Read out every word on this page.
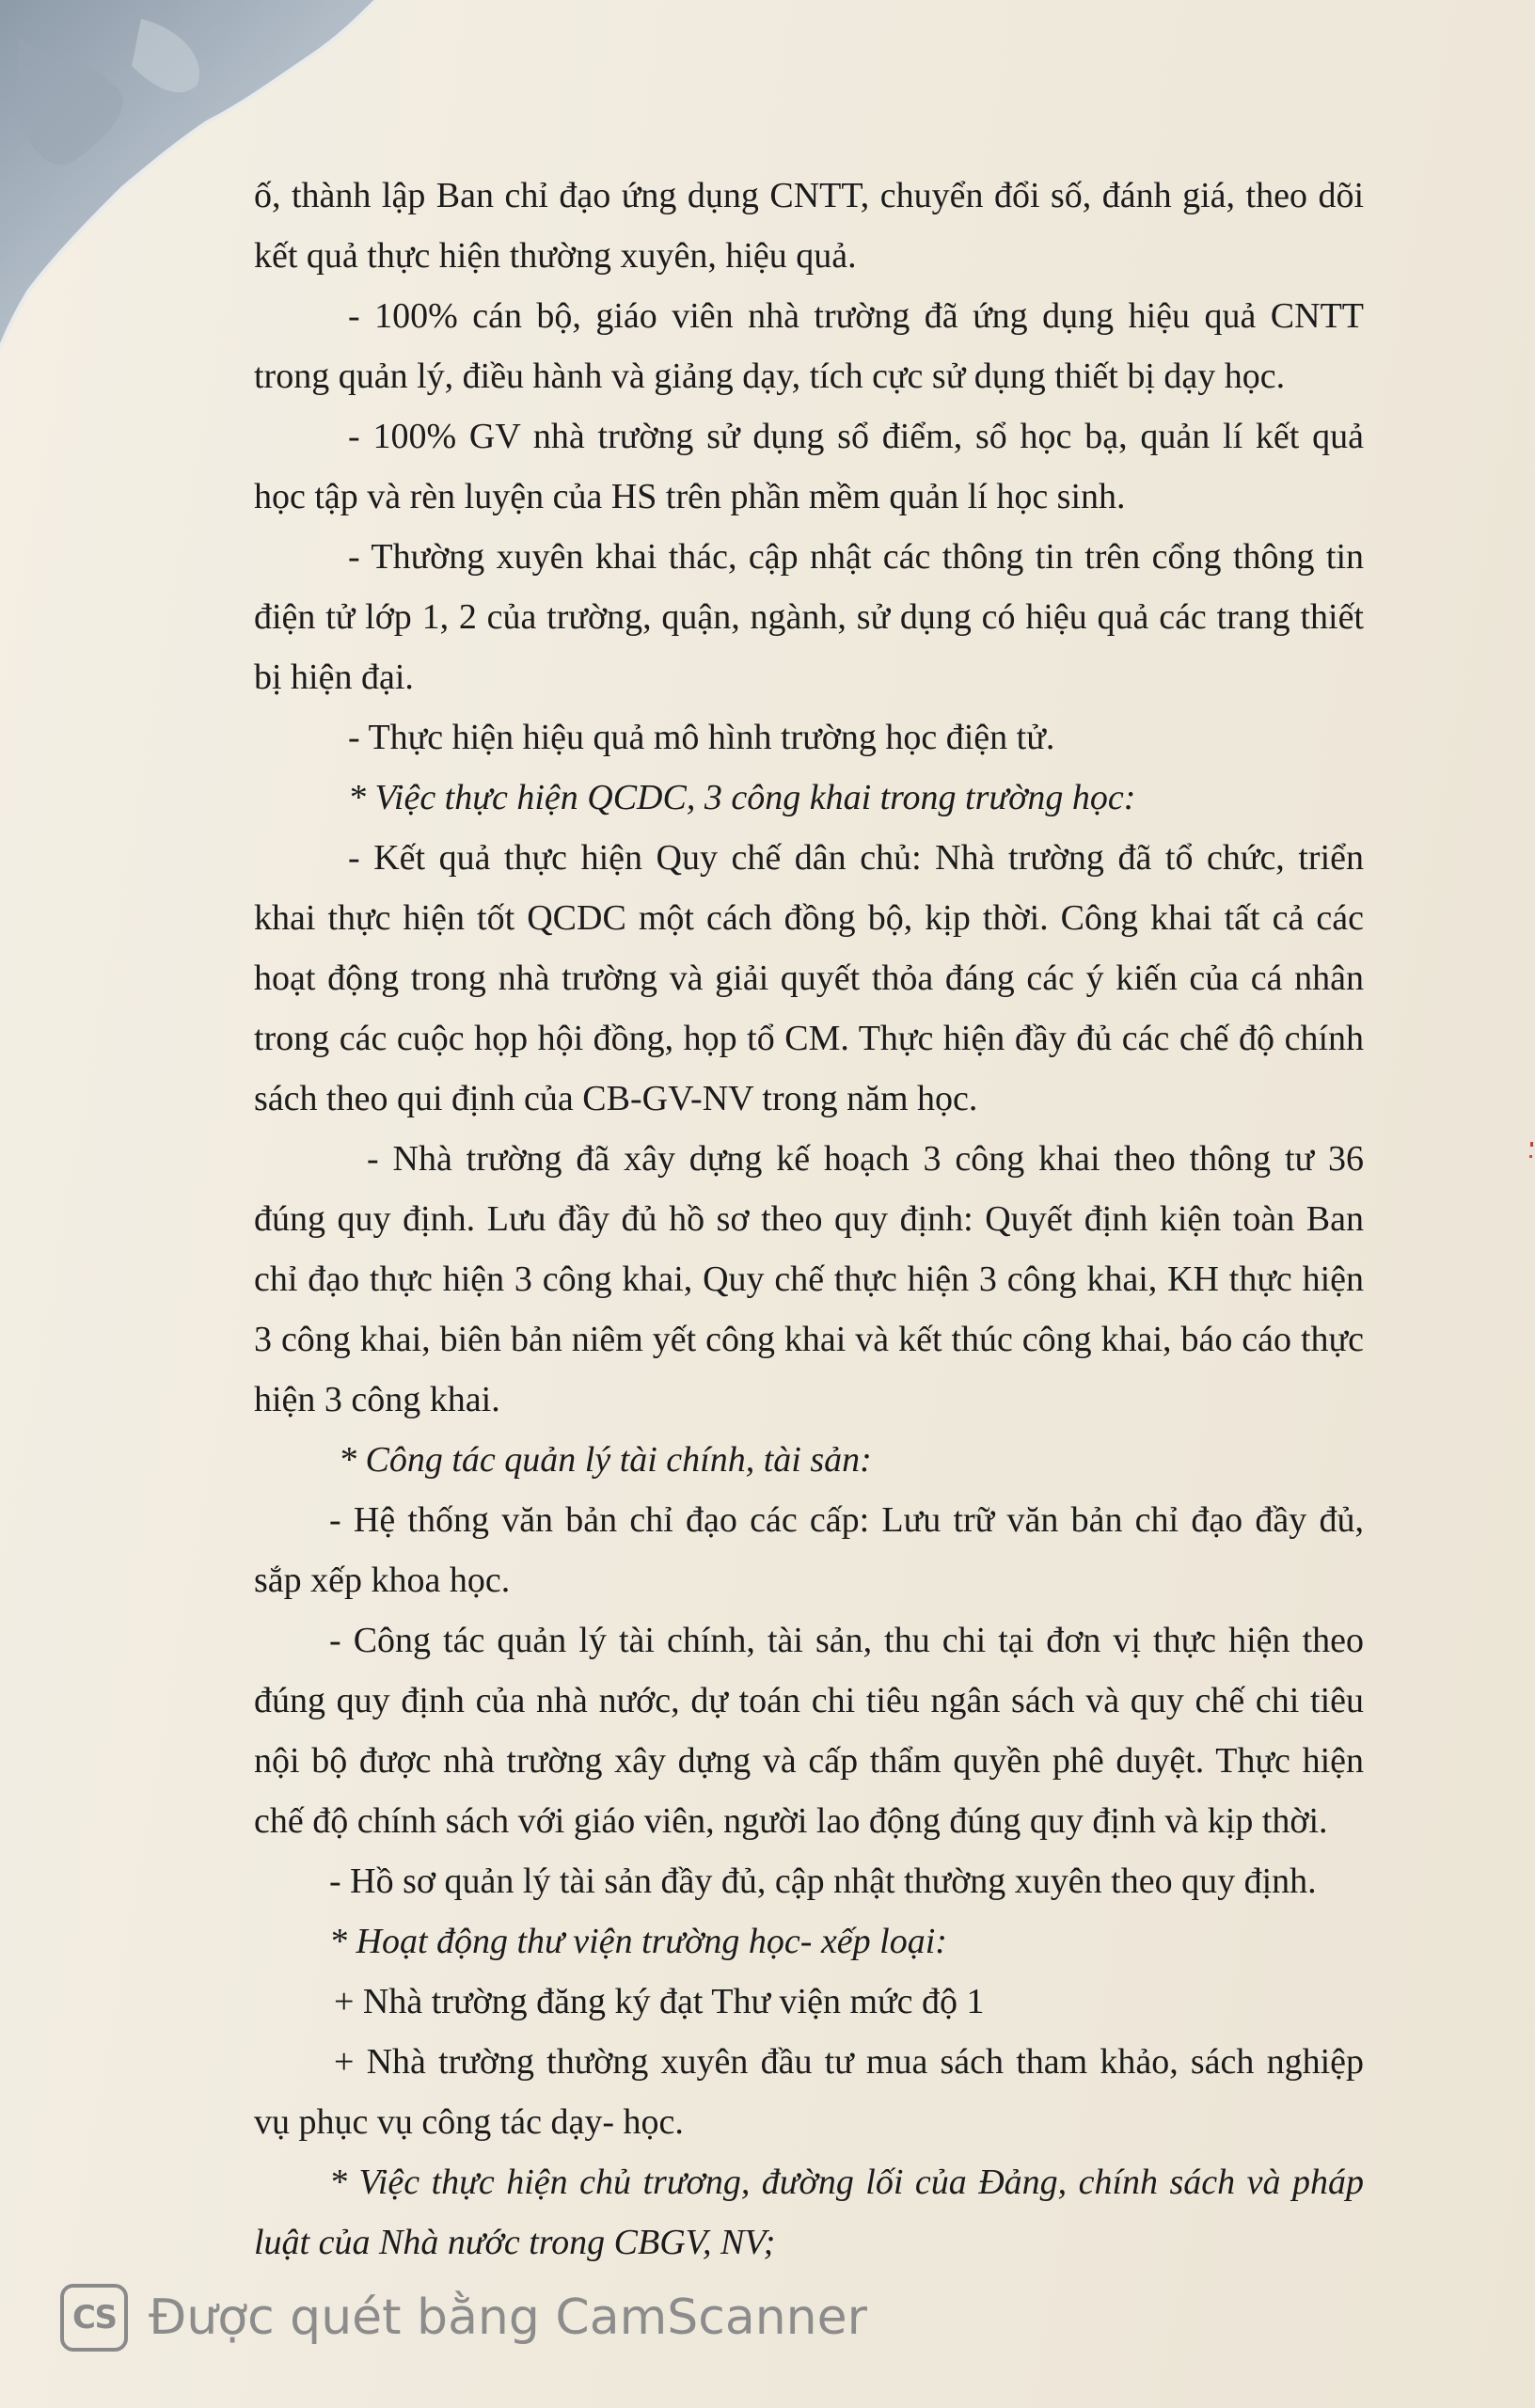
ố, thành lập Ban chỉ đạo ứng dụng CNTT, chuyển đổi số, đánh giá, theo dõi
kết quả thực hiện thường xuyên, hiệu quả.
- 100% cán bộ, giáo viên nhà trường đã ứng dụng hiệu quả CNTT
trong quản lý, điều hành và giảng dạy, tích cực sử dụng thiết bị dạy học.
- 100% GV nhà trường sử dụng sổ điểm, sổ học bạ, quản lí kết quả
học tập và rèn luyện của HS trên phần mềm quản lí học sinh.
- Thường xuyên khai thác, cập nhật các thông tin trên cổng thông tin
điện tử lớp 1, 2 của trường, quận, ngành, sử dụng có hiệu quả các trang thiết
bị hiện đại.
- Thực hiện hiệu quả mô hình trường học điện tử.
* Việc thực hiện QCDC, 3 công khai trong trường học:
- Kết quả thực hiện Quy chế dân chủ: Nhà trường đã tổ chức, triển
khai thực hiện tốt QCDC một cách đồng bộ, kịp thời. Công khai tất cả các
hoạt động trong nhà trường và giải quyết thỏa đáng các ý kiến của cá nhân
trong các cuộc họp hội đồng, họp tổ CM. Thực hiện đầy đủ các chế độ chính
sách theo qui định của CB-GV-NV trong năm học.
- Nhà trường đã xây dựng kế hoạch 3 công khai theo thông tư 36
đúng quy định. Lưu đầy đủ hồ sơ theo quy định: Quyết định kiện toàn Ban
chỉ đạo thực hiện 3 công khai, Quy chế thực hiện 3 công khai, KH thực hiện
3 công khai, biên bản niêm yết công khai và kết thúc công khai, báo cáo thực
hiện 3 công khai.
* Công tác quản lý tài chính, tài sản:
- Hệ thống văn bản chỉ đạo các cấp: Lưu trữ văn bản chỉ đạo đầy đủ,
sắp xếp khoa học.
- Công tác quản lý tài chính, tài sản, thu chi tại đơn vị thực hiện theo
đúng quy định của nhà nước, dự toán chi tiêu ngân sách và quy chế chi tiêu
nội bộ được nhà trường xây dựng và cấp thẩm quyền phê duyệt. Thực hiện
chế độ chính sách với giáo viên, người lao động đúng quy định và kịp thời.
- Hồ sơ quản lý tài sản đầy đủ, cập nhật thường xuyên theo quy định.
* Hoạt động thư viện trường học- xếp loại:
+ Nhà trường đăng ký đạt Thư viện mức độ 1
+ Nhà trường thường xuyên đầu tư mua sách tham khảo, sách nghiệp
vụ phục vụ công tác dạy- học.
* Việc thực hiện chủ trương, đường lối của Đảng, chính sách và pháp
luật của Nhà nước trong CBGV, NV;
CS Được quét bằng CamScanner
